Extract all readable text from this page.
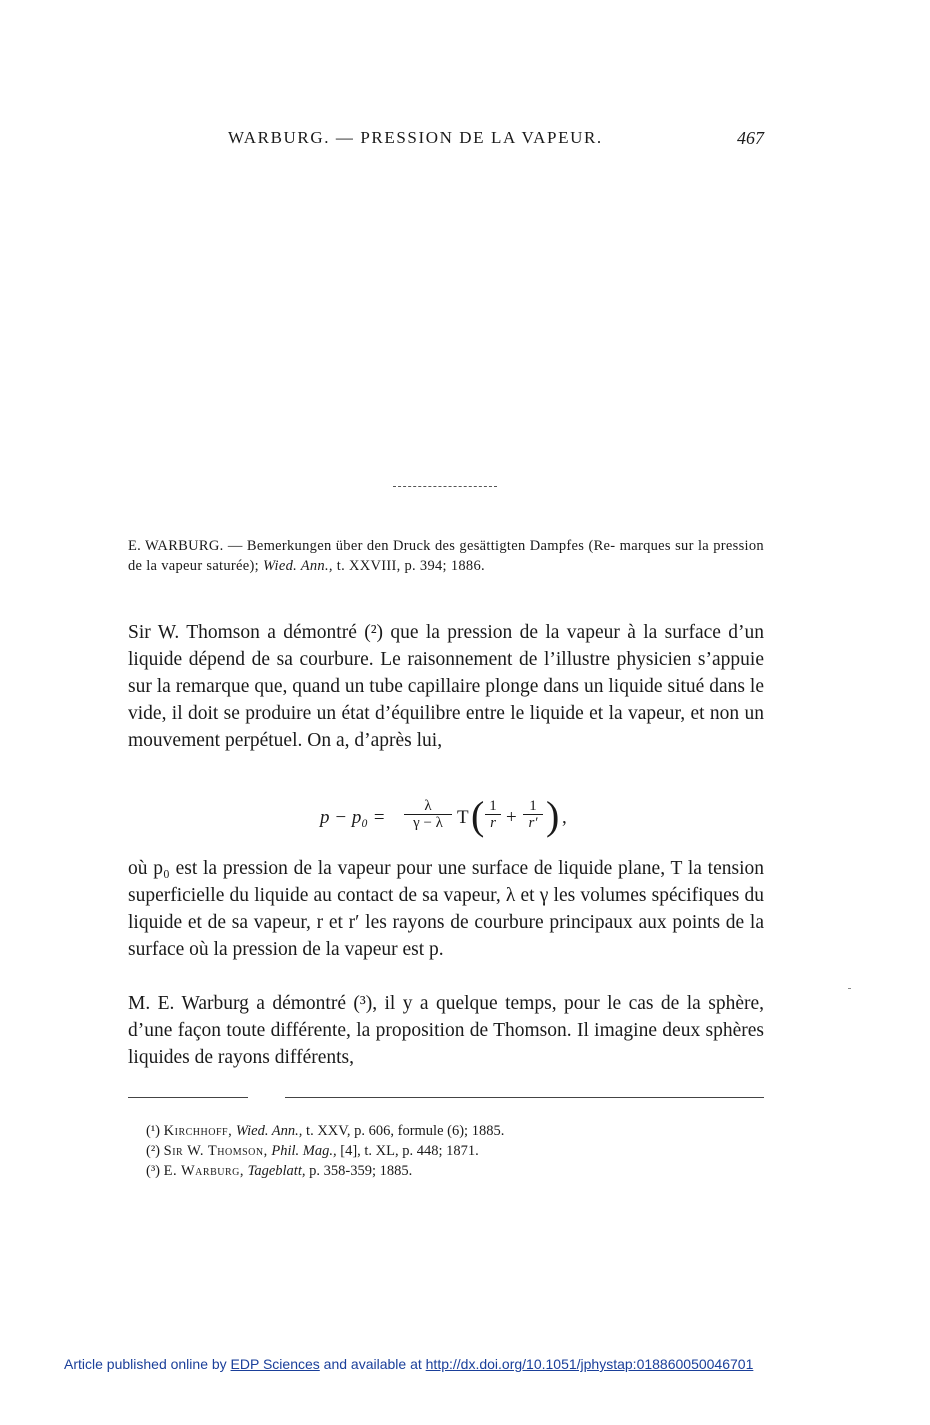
WARBURG. — PRESSION DE LA VAPEUR.	467
E. WARBURG. — Bemerkungen über den Druck des gesättigten Dampfes (Re- marques sur la pression de la vapeur saturée); Wied. Ann., t. XXVIII, p. 394; 1886.
Sir W. Thomson a démontré (²) que la pression de la vapeur à la surface d’un liquide dépend de sa courbure. Le raisonnement de l’illustre physicien s’appuie sur la remarque que, quand un tube capillaire plonge dans un liquide situé dans le vide, il doit se produire un état d’équilibre entre le liquide et la vapeur, et non un mouvement perpétuel. On a, d’après lui,
$p - p_0 = \frac{\lambda}{\gamma - \lambda}$ T ( $\frac{1}{r} + \frac{1}{r'}$ ) ,
où p₀ est la pression de la vapeur pour une surface de liquide plane, T la tension superficielle du liquide au contact de sa vapeur, λ et γ les volumes spécifiques du liquide et de sa vapeur, r et r′ les rayons de courbure principaux aux points de la surface où la pression de la vapeur est p.
M. E. Warburg a démontré (³), il y a quelque temps, pour le cas de la sphère, d’une façon toute différente, la proposition de Thomson. Il imagine deux sphères liquides de rayons différents,
(¹) Kirchhoff, Wied. Ann., t. XXV, p. 606, formule (6); 1885.
(²) Sir W. Thomson, Phil. Mag., [4], t. XL, p. 448; 1871.
(³) E. Warburg, Tageblatt, p. 358-359; 1885.
Article published online by EDP Sciences and available at http://dx.doi.org/10.1051/jphystap:018860050046701
